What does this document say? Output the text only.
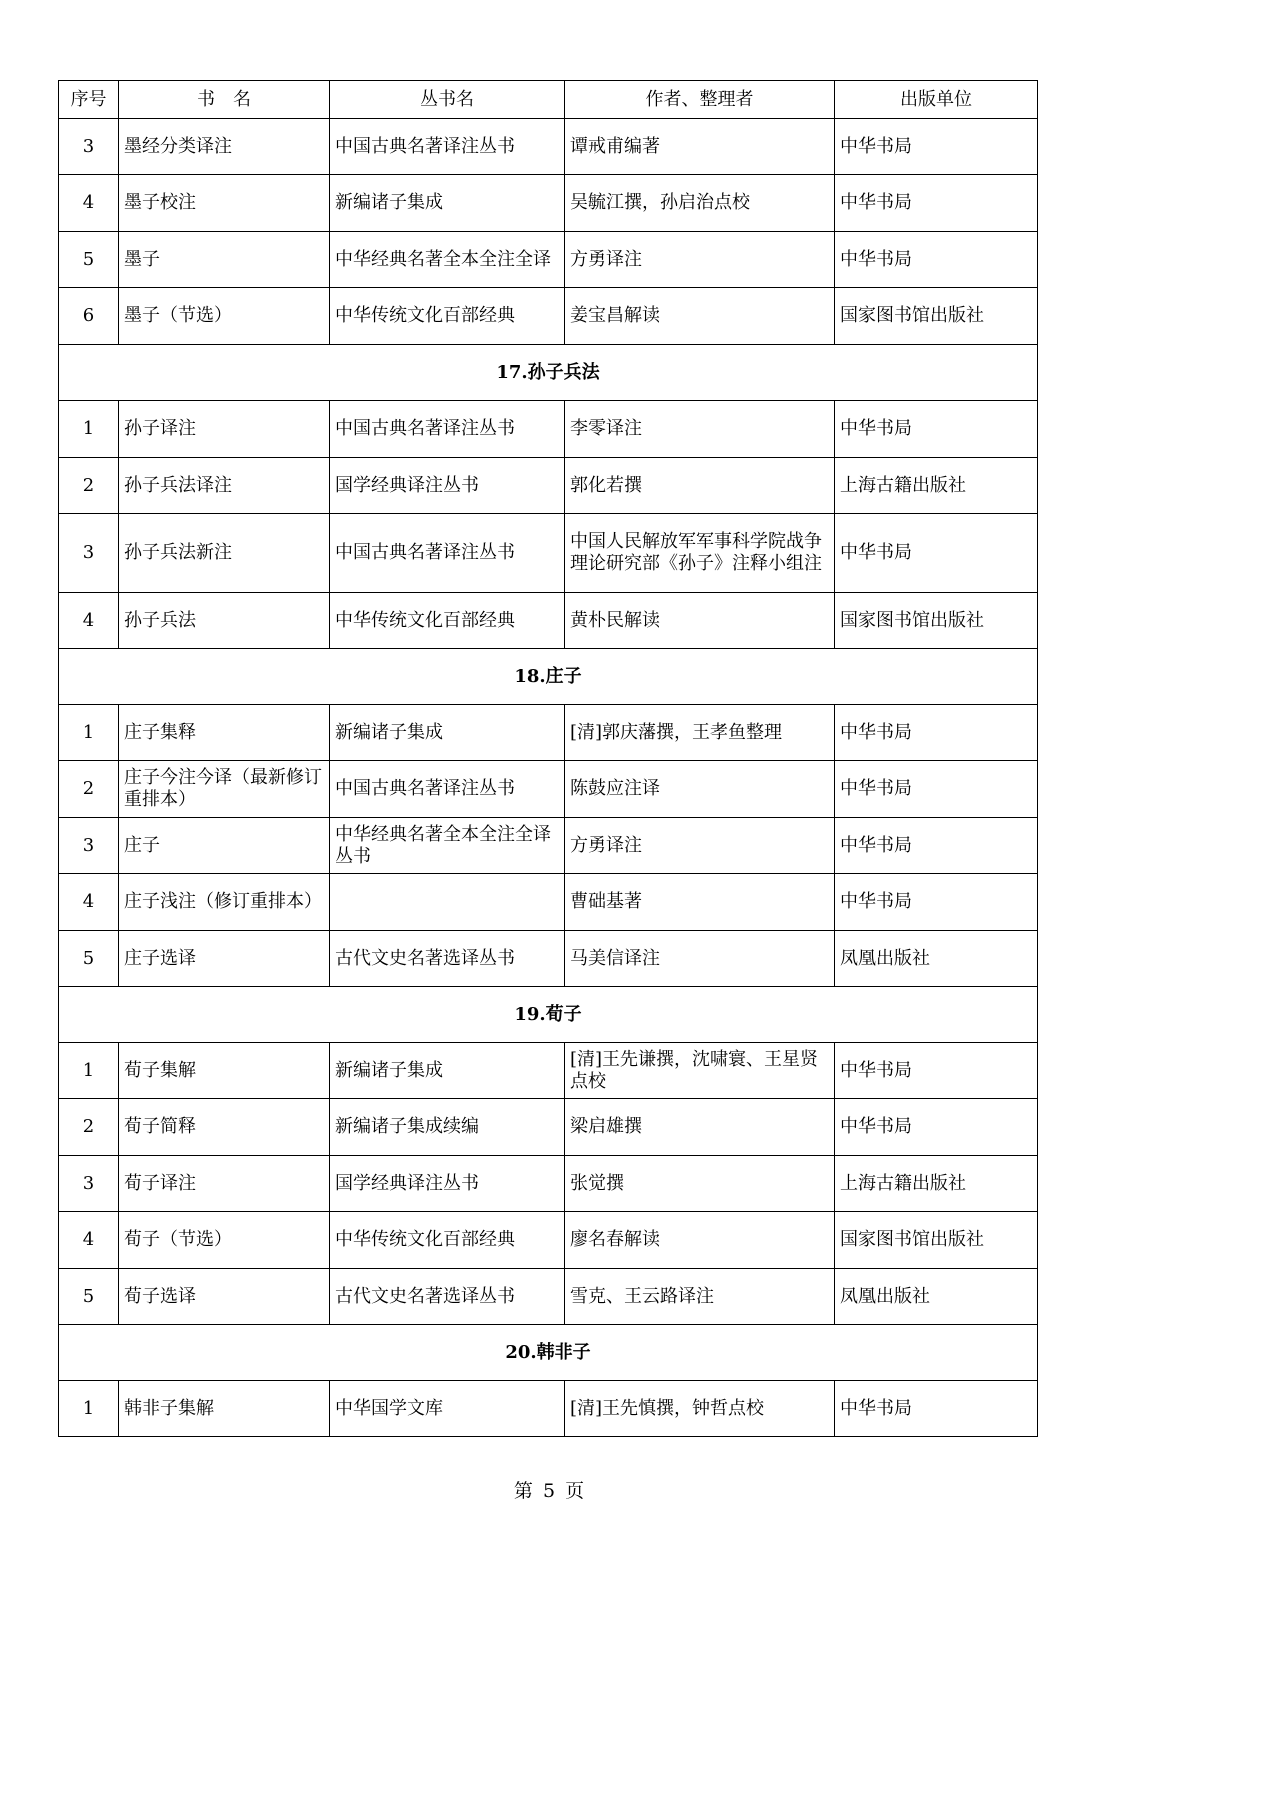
序号	书　名	丛书名	作者、整理者	出版单位
3	墨经分类译注	中国古典名著译注丛书	谭戒甫编著	中华书局
4	墨子校注	新编诸子集成	吴毓江撰，孙启治点校	中华书局
5	墨子	中华经典名著全本全注全译	方勇译注	中华书局
6	墨子（节选）	中华传统文化百部经典	姜宝昌解读	国家图书馆出版社
17.孙子兵法				
1	孙子译注	中国古典名著译注丛书	李零译注	中华书局
2	孙子兵法译注	国学经典译注丛书	郭化若撰	上海古籍出版社
3	孙子兵法新注	中国古典名著译注丛书	中国人民解放军军事科学院战争理论研究部《孙子》注释小组注	中华书局
4	孙子兵法	中华传统文化百部经典	黄朴民解读	国家图书馆出版社
18.庄子				
1	庄子集释	新编诸子集成	[清]郭庆藩撰，王孝鱼整理	中华书局
2	庄子今注今译（最新修订重排本）	中国古典名著译注丛书	陈鼓应注译	中华书局
3	庄子	中华经典名著全本全注全译丛书	方勇译注	中华书局
4	庄子浅注（修订重排本）		曹础基著	中华书局
5	庄子选译	古代文史名著选译丛书	马美信译注	凤凰出版社
19.荀子				
1	荀子集解	新编诸子集成	[清]王先谦撰，沈啸寰、王星贤点校	中华书局
2	荀子简释	新编诸子集成续编	梁启雄撰	中华书局
3	荀子译注	国学经典译注丛书	张觉撰	上海古籍出版社
4	荀子（节选）	中华传统文化百部经典	廖名春解读	国家图书馆出版社
5	荀子选译	古代文史名著选译丛书	雪克、王云路译注	凤凰出版社
20.韩非子				
1	韩非子集解	中华国学文库	[清]王先慎撰，钟哲点校	中华书局
第 5 页
